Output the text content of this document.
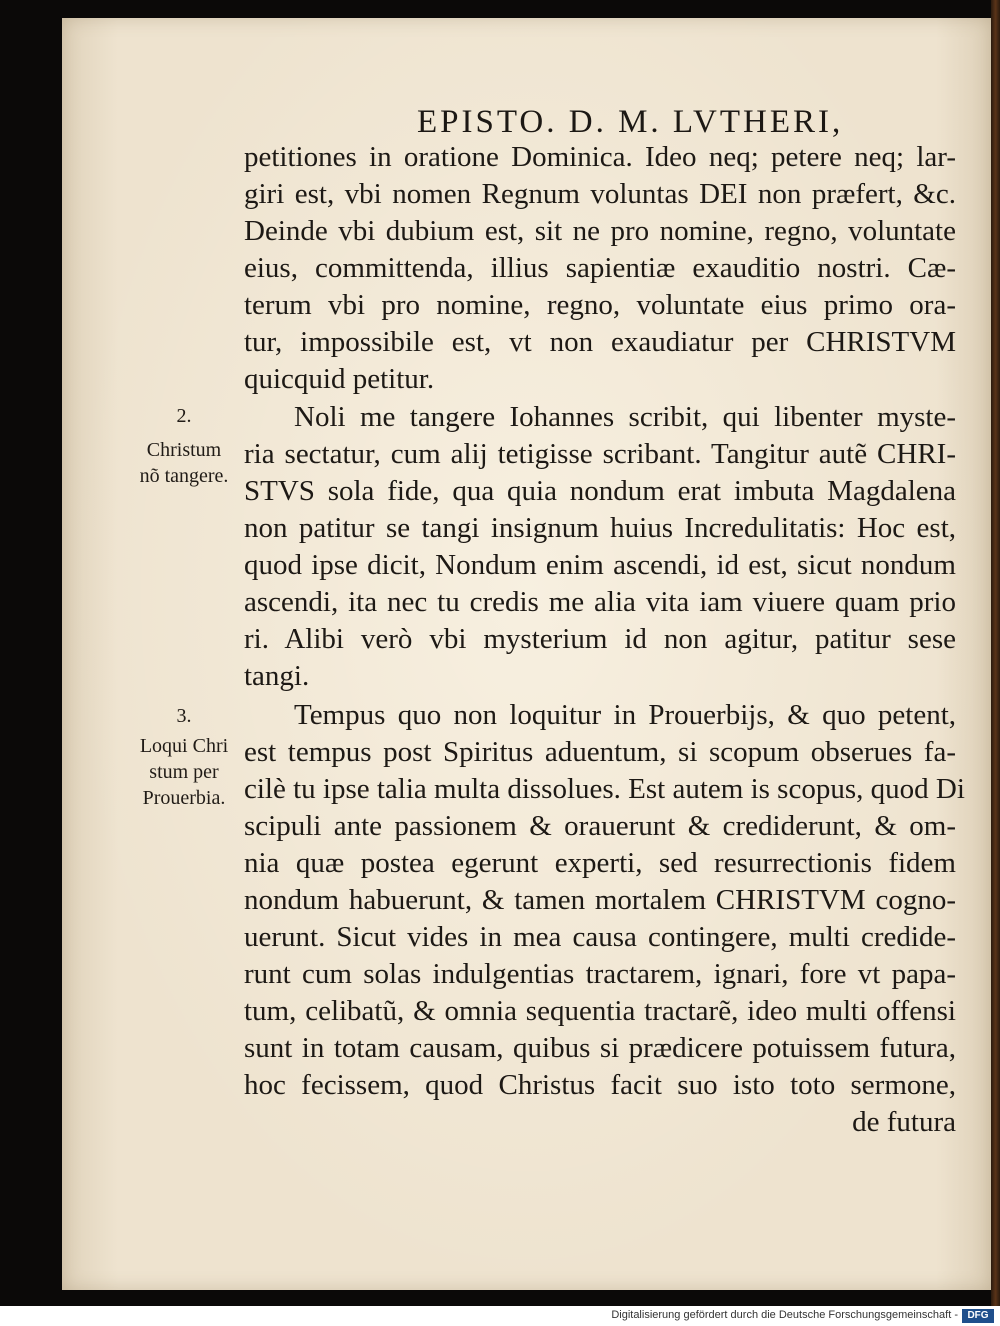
EPISTO. D. M. LVTHERI,
petitiones in oratione Dominica. Ideo neq; petere neq; lar-
giri est, vbi nomen Regnum voluntas DEI non præfert, &c.
Deinde vbi dubium est, sit ne pro nomine, regno, voluntate
eius, committenda, illius sapientiæ exauditio nostri. Cæ-
terum vbi pro nomine, regno, voluntate eius primo ora-
tur, impossibile est, vt non exaudiatur per CHRISTVM
quicquid petitur.
Noli me tangere Iohannes scribit, qui libenter myste-
ria sectatur, cum alij tetigisse scribant. Tangitur autẽ CHRI-
STVS sola fide, qua quia nondum erat imbuta Magdalena
non patitur se tangi insignum huius Incredulitatis: Hoc est,
quod ipse dicit, Nondum enim ascendi, id est, sicut nondum
ascendi, ita nec tu credis me alia vita iam viuere quam prio
ri. Alibi verò vbi mysterium id non agitur, patitur sese
tangi.
Tempus quo non loquitur in Prouerbijs, & quo petent,
est tempus post Spiritus aduentum, si scopum obserues fa-
cilè tu ipse talia multa dissolues. Est autem is scopus, quod Di
scipuli ante passionem & orauerunt & crediderunt, & om-
nia quæ postea egerunt experti, sed resurrectionis fidem
nondum habuerunt, & tamen mortalem CHRISTVM cogno-
uerunt. Sicut vides in mea causa contingere, multi credide-
runt cum solas indulgentias tractarem, ignari, fore vt papa-
tum, celibatũ, & omnia sequentia tractarẽ, ideo multi offensi
sunt in totam causam, quibus si prædicere potuissem futura,
hoc fecissem, quod Christus facit suo isto toto sermone,
de futura
2.
Christum
nõ tangere.
3.
Loqui Chri
stum per
Prouerbia.
Digitalisierung gefördert durch die Deutsche Forschungsgemeinschaft - DFG
